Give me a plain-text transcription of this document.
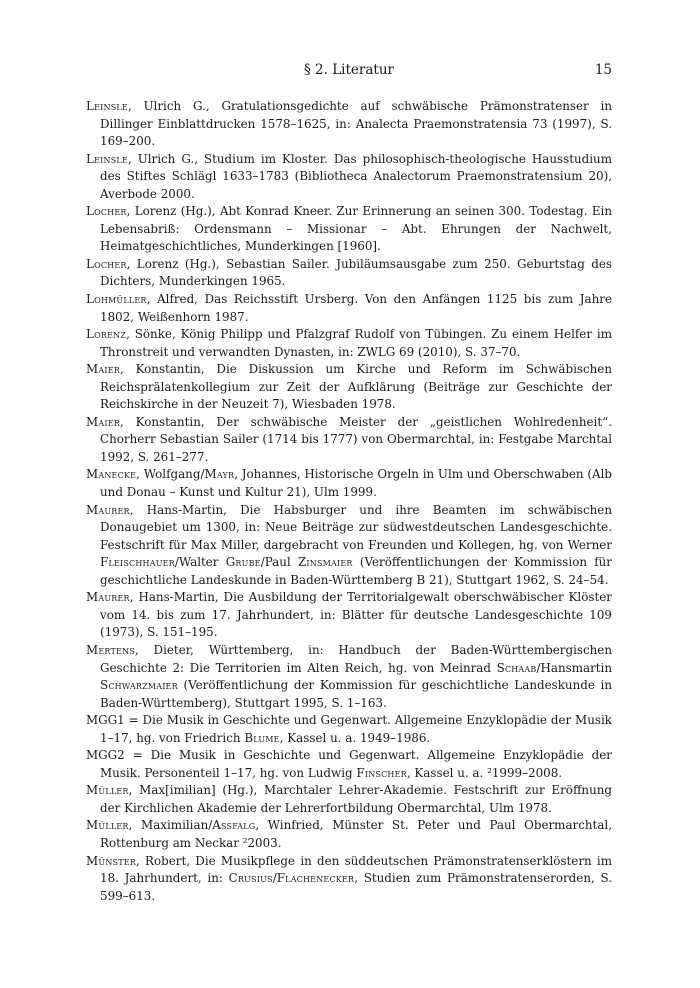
§ 2. Literatur	15

Leinsle, Ulrich G., Gratulationsgedichte auf schwäbische Prämonstratenser in Dillinger Einblattdrucken 1578–1625, in: Analecta Praemonstratensia 73 (1997), S. 169–200.

Leinsle, Ulrich G., Studium im Kloster. Das philosophisch-theologische Hausstudium des Stiftes Schlägl 1633–1783 (Bibliotheca Analectorum Praemonstratensium 20), Averbode 2000.

Locher, Lorenz (Hg.), Abt Konrad Kneer. Zur Erinnerung an seinen 300. Todestag. Ein Lebensabriß: Ordensmann – Missionar – Abt. Ehrungen der Nachwelt, Heimatgeschichtliches, Munderkingen [1960].

Locher, Lorenz (Hg.), Sebastian Sailer. Jubiläumsausgabe zum 250. Geburtstag des Dichters, Munderkingen 1965.

Lohmüller, Alfred, Das Reichsstift Ursberg. Von den Anfängen 1125 bis zum Jahre 1802, Weißenhorn 1987.

Lorenz, Sönke, König Philipp und Pfalzgraf Rudolf von Tübingen. Zu einem Helfer im Thronstreit und verwandten Dynasten, in: ZWLG 69 (2010), S. 37–70.

Maier, Konstantin, Die Diskussion um Kirche und Reform im Schwäbischen Reichsprälatenkollegium zur Zeit der Aufklärung (Beiträge zur Geschichte der Reichskirche in der Neuzeit 7), Wiesbaden 1978.

Maier, Konstantin, Der schwäbische Meister der „geistlichen Wohlredenheit“. Chorherr Sebastian Sailer (1714 bis 1777) von Obermarchtal, in: Festgabe Marchtal 1992, S. 261–277.

Manecke, Wolfgang/Mayr, Johannes, Historische Orgeln in Ulm und Oberschwaben (Alb und Donau – Kunst und Kultur 21), Ulm 1999.

Maurer, Hans-Martin, Die Habsburger und ihre Beamten im schwäbischen Donaugebiet um 1300, in: Neue Beiträge zur südwestdeutschen Landesgeschichte. Festschrift für Max Miller, dargebracht von Freunden und Kollegen, hg. von Werner Fleischhauer/Walter Grube/Paul Zinsmaier (Veröffentlichungen der Kommission für geschichtliche Landeskunde in Baden-Württemberg B 21), Stuttgart 1962, S. 24–54.

Maurer, Hans-Martin, Die Ausbildung der Territorialgewalt oberschwäbischer Klöster vom 14. bis zum 17. Jahrhundert, in: Blätter für deutsche Landesgeschichte 109 (1973), S. 151–195.

Mertens, Dieter, Württemberg, in: Handbuch der Baden-Württembergischen Geschichte 2: Die Territorien im Alten Reich, hg. von Meinrad Schaab/Hansmartin Schwarzmaier (Veröffentlichung der Kommission für geschichtliche Landeskunde in Baden-Württemberg), Stuttgart 1995, S. 1–163.

MGG1 = Die Musik in Geschichte und Gegenwart. Allgemeine Enzyklopädie der Musik 1–17, hg. von Friedrich Blume, Kassel u. a. 1949–1986.

MGG2 = Die Musik in Geschichte und Gegenwart. Allgemeine Enzyklopädie der Musik. Personenteil 1–17, hg. von Ludwig Finscher, Kassel u. a. ²1999–2008.

Müller, Max[imilian] (Hg.), Marchtaler Lehrer-Akademie. Festschrift zur Eröffnung der Kirchlichen Akademie der Lehrerfortbildung Obermarchtal, Ulm 1978.

Müller, Maximilian/Assfalg, Winfried, Münster St. Peter und Paul Obermarchtal, Rottenburg am Neckar ²2003.

Münster, Robert, Die Musikpflege in den süddeutschen Prämonstratenserklöstern im 18. Jahrhundert, in: Crusius/Flachenecker, Studien zum Prämonstratenserorden, S. 599–613.
